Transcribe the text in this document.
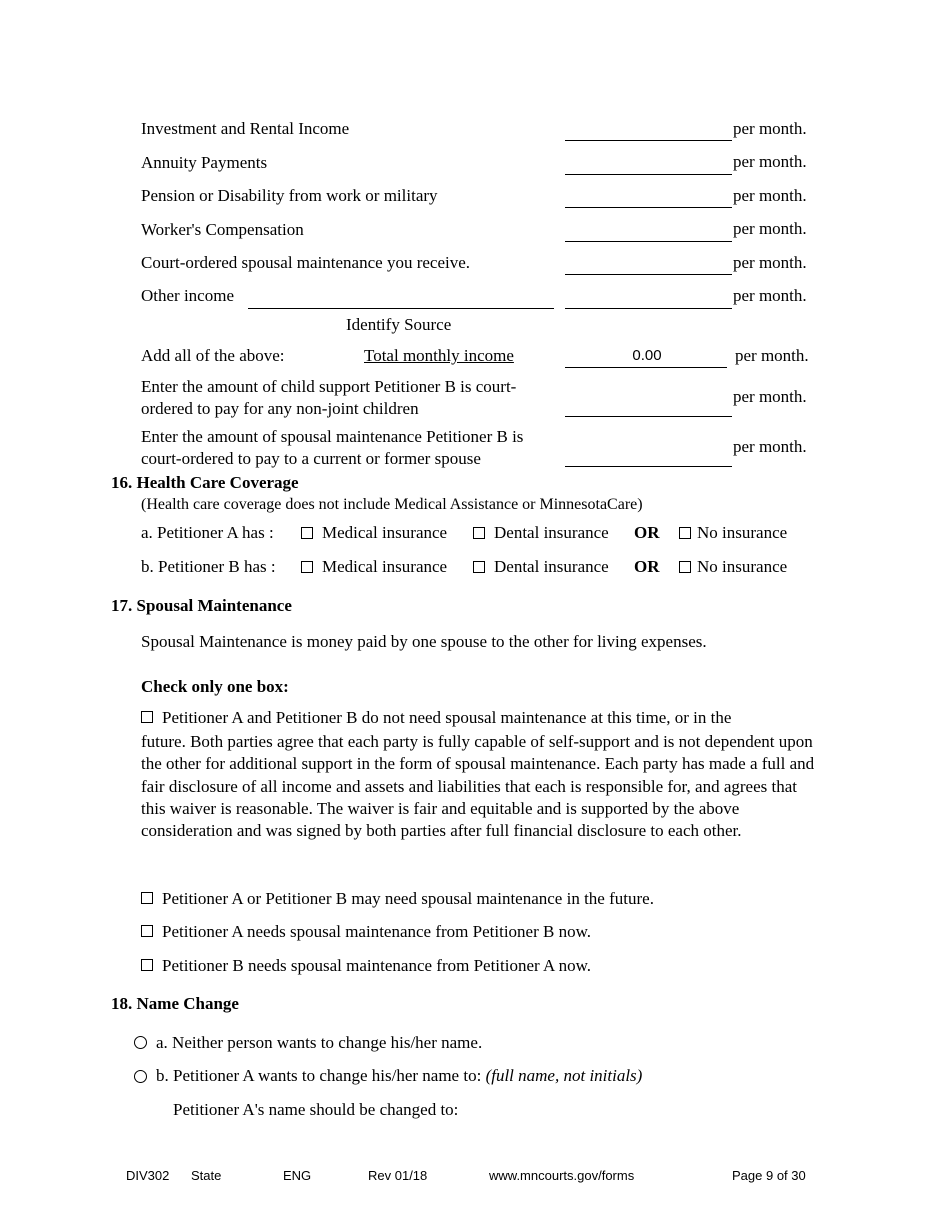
Investment and Rental Income	per month.
Annuity Payments	per month.
Pension or Disability from work or military	per month.
Worker's Compensation	per month.
Court-ordered spousal maintenance you receive.	per month.
Other income	per month.
Identify Source
Add all of the above:	Total monthly income	0.00	per month.
Enter the amount of child support Petitioner B is court-
ordered to pay for any non-joint children
per month.
Enter the amount of spousal maintenance Petitioner B is
court-ordered to pay to a current or former spouse
per month.
16. Health Care Coverage
(Health care coverage does not include Medical Assistance or MinnesotaCare)
a. Petitioner A has :	Medical insurance	Dental insurance OR No insurance
b. Petitioner B has :	Medical insurance	Dental insurance OR No insurance
17. Spousal Maintenance
Spousal Maintenance is money paid by one spouse to the other for living expenses.
Check only one box:
Petitioner A and Petitioner B do not need spousal maintenance at this time, or in the
future. Both parties agree that each party is fully capable of self-support and is not dependent upon the other for additional support in the form of spousal maintenance. Each party has made a full and fair disclosure of all income and assets and liabilities that each is responsible for, and agrees that this waiver is reasonable. The waiver is fair and equitable and is supported by the above consideration and was signed by both parties after full financial disclosure to each other.
Petitioner A or Petitioner B may need spousal maintenance in the future.
Petitioner A needs spousal maintenance from Petitioner B now.
Petitioner B needs spousal maintenance from Petitioner A now.
18. Name Change
a. Neither person wants to change his/her name.
b. Petitioner A wants to change his/her name to: (full name, not initials)
Petitioner A's name should be changed to:
DIV302 State	ENG	Rev 01/18	www.mncourts.gov/forms	Page 9 of 30
